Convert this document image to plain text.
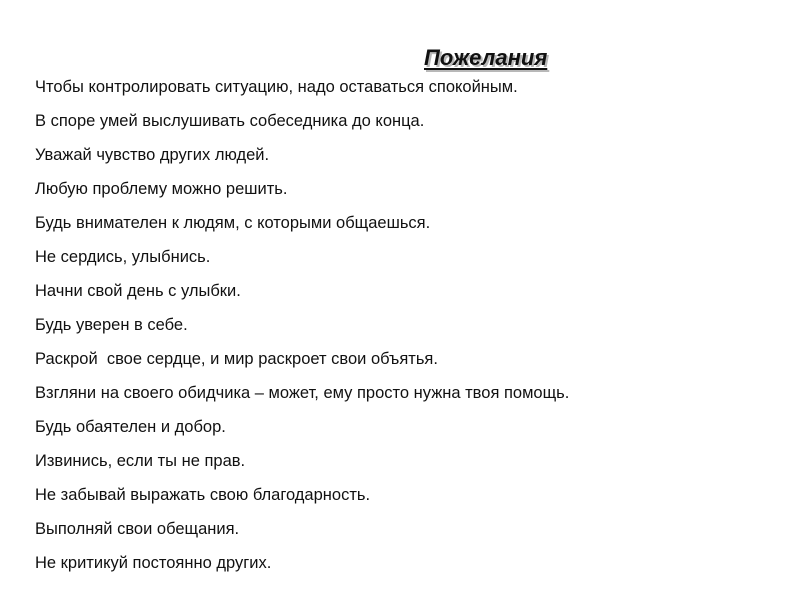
Пожелания
Чтобы контролировать ситуацию, надо оставаться спокойным.
В споре умей выслушивать собеседника до конца.
Уважай чувство других людей.
Любую проблему можно решить.
Будь внимателен к людям, с которыми общаешься.
Не сердись, улыбнись.
Начни свой день с улыбки.
Будь уверен в себе.
Раскрой  свое сердце, и мир раскроет свои объятья.
Взгляни на своего обидчика – может, ему просто нужна твоя помощь.
Будь обаятелен и добор.
Извинись, если ты не прав.
Не забывай выражать свою благодарность.
Выполняй свои обещания.
Не критикуй постоянно других.
